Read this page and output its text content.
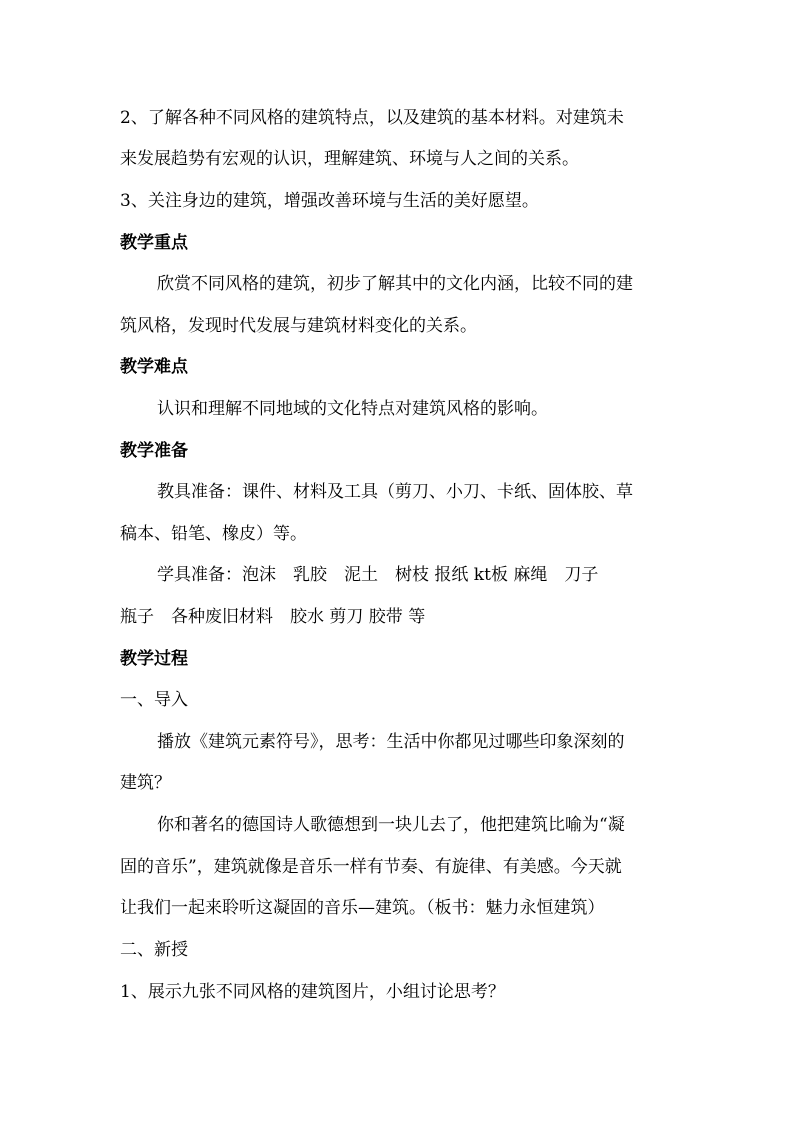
2、了解各种不同风格的建筑特点，以及建筑的基本材料。对建筑未
来发展趋势有宏观的认识，理解建筑、环境与人之间的关系。
3、关注身边的建筑，增强改善环境与生活的美好愿望。
教学重点
欣赏不同风格的建筑，初步了解其中的文化内涵，比较不同的建
筑风格，发现时代发展与建筑材料变化的关系。
教学难点
认识和理解不同地域的文化特点对建筑风格的影响。
教学准备
教具准备：课件、材料及工具（剪刀、小刀、卡纸、固体胶、草
稿本、铅笔、橡皮）等。
学具准备：泡沫　乳胶　泥土　树枝 报纸 kt板 麻绳　刀子
瓶子　各种废旧材料　胶水 剪刀 胶带 等
教学过程
一、导入
播放《建筑元素符号》，思考：生活中你都见过哪些印象深刻的
建筑？
你和著名的德国诗人歌德想到一块儿去了，他把建筑比喻为“凝
固的音乐”，建筑就像是音乐一样有节奏、有旋律、有美感。今天就
让我们一起来聆听这凝固的音乐—建筑。（板书：魅力永恒建筑）
二、新授
1、展示九张不同风格的建筑图片，小组讨论思考？
